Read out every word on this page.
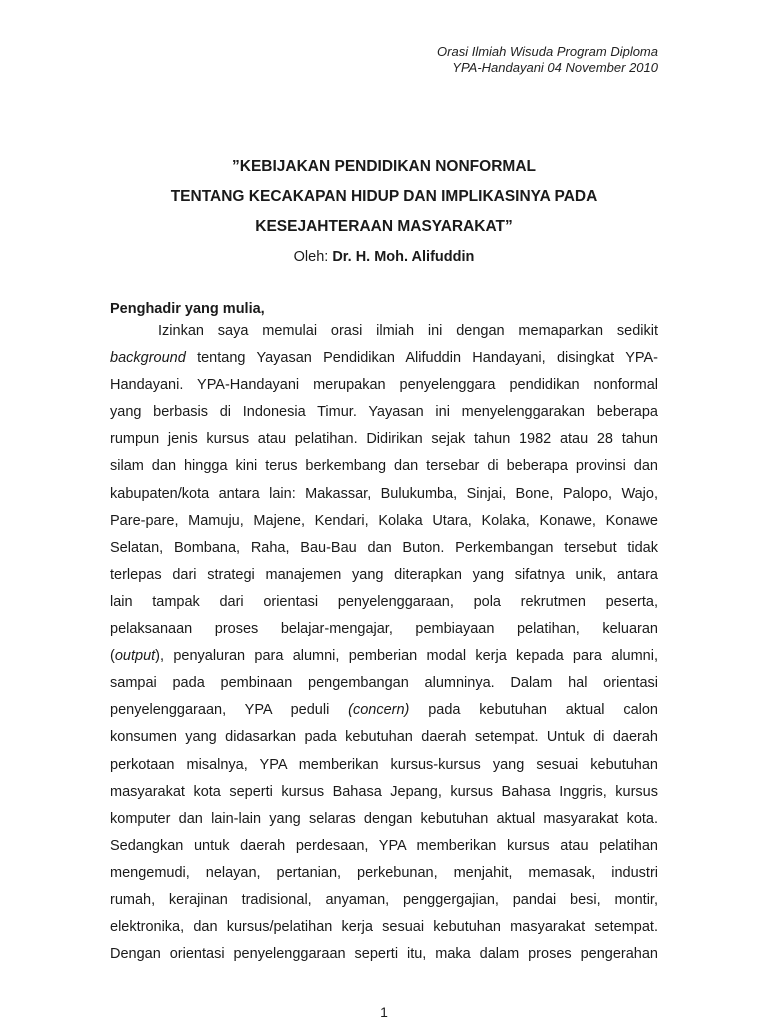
Orasi Ilmiah Wisuda Program Diploma
YPA-Handayani 04 November 2010
”KEBIJAKAN PENDIDIKAN NONFORMAL
TENTANG KECAKAPAN HIDUP DAN IMPLIKASINYA PADA
KESEJAHTERAAN MASYARAKAT”
Oleh: Dr. H. Moh. Alifuddin
Penghadir yang mulia,
Izinkan saya memulai orasi ilmiah ini dengan memaparkan sedikit
background tentang Yayasan Pendidikan Alifuddin Handayani, disingkat YPA-
Handayani. YPA-Handayani merupakan penyelenggara pendidikan nonformal
yang berbasis di Indonesia Timur. Yayasan ini menyelenggarakan beberapa
rumpun jenis kursus atau pelatihan. Didirikan sejak tahun 1982 atau 28 tahun
silam dan hingga kini terus berkembang dan tersebar di beberapa provinsi dan
kabupaten/kota antara lain: Makassar, Bulukumba, Sinjai, Bone, Palopo, Wajo,
Pare-pare, Mamuju, Majene, Kendari, Kolaka Utara, Kolaka, Konawe, Konawe
Selatan, Bombana, Raha, Bau-Bau dan Buton. Perkembangan tersebut tidak
terlepas dari strategi manajemen yang diterapkan yang sifatnya unik, antara
lain tampak dari orientasi penyelenggaraan, pola rekrutmen peserta,
pelaksanaan proses belajar-mengajar, pembiayaan pelatihan, keluaran
(output), penyaluran para alumni, pemberian modal kerja kepada para alumni,
sampai pada pembinaan pengembangan alumninya. Dalam hal orientasi
penyelenggaraan, YPA peduli (concern) pada kebutuhan aktual calon
konsumen yang didasarkan pada kebutuhan daerah setempat. Untuk di daerah
perkotaan misalnya, YPA memberikan kursus-kursus yang sesuai kebutuhan
masyarakat kota seperti kursus Bahasa Jepang, kursus Bahasa Inggris, kursus
komputer dan lain-lain yang selaras dengan kebutuhan aktual masyarakat kota.
Sedangkan untuk daerah perdesaan, YPA memberikan kursus atau pelatihan
mengemudi, nelayan, pertanian, perkebunan, menjahit, memasak, industri
rumah, kerajinan tradisional, anyaman, penggergajian, pandai besi, montir,
elektronika, dan kursus/pelatihan kerja sesuai kebutuhan masyarakat setempat.
Dengan orientasi penyelenggaraan seperti itu, maka dalam proses pengerahan
1
